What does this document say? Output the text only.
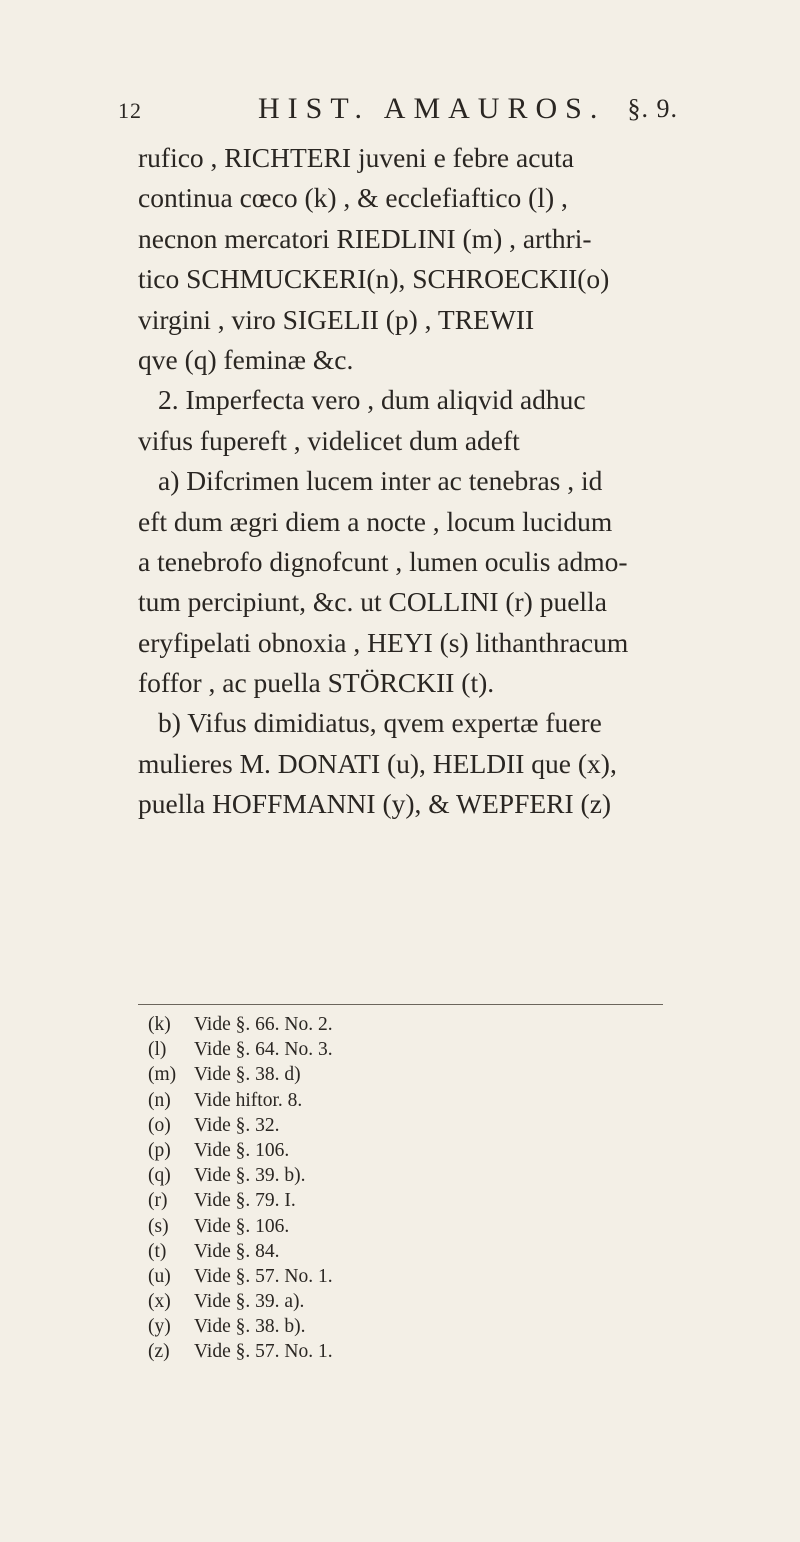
12	HIST. AMAUROS. §. 9.
rufico , RICHTERI juveni e febre acuta
continua cœco (k) , & ecclefiaftico (l) ,
necnon mercatori RIEDLINI (m) , arthri-
tico SCHMUCKERI(n), SCHROECKII(o)
virgini , viro SIGELII (p) , TREWII
qve (q) feminæ &c.
2. Imperfecta vero , dum aliqvid adhuc
vifus fupereft , videlicet dum adeft
a) Difcrimen lucem inter ac tenebras , id
eft dum ægri diem a nocte , locum lucidum
a tenebrofo dignofcunt , lumen oculis admo-
tum percipiunt, &c. ut COLLINI (r) puella
eryfipelati obnoxia , HEYI (s) lithanthracum
foffor , ac puella STÖRCKII (t).
b) Vifus dimidiatus, qvem expertæ fuere
mulieres M. DONATI (u), HELDII que (x),
puella HOFFMANNI (y), & WEPFERI (z)
(k) Vide §. 66. No. 2.
(l) Vide §. 64. No. 3.
(m) Vide §. 38. d)
(n) Vide hiftor. 8.
(o) Vide §. 32.
(p) Vide §. 106.
(q) Vide §. 39. b).
(r) Vide §. 79. I.
(s) Vide §. 106.
(t) Vide §. 84.
(u) Vide §. 57. No. 1.
(x) Vide §. 39. a).
(y) Vide §. 38. b).
(z) Vide §. 57. No. 1.
